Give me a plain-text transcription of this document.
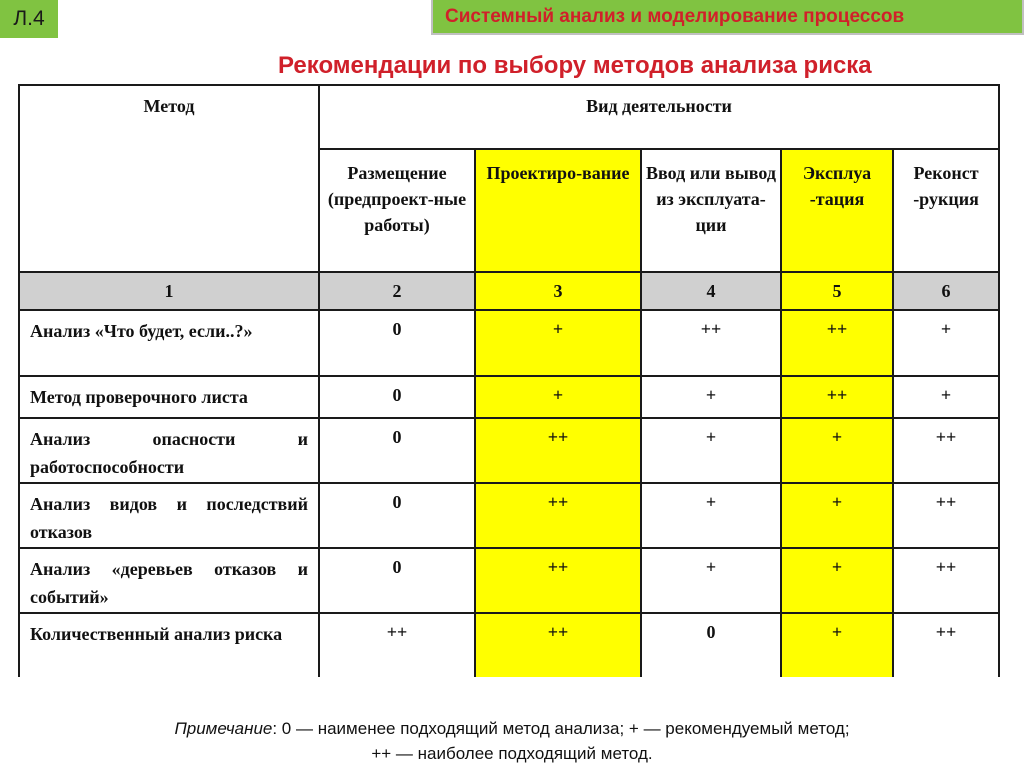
Л.4	Системный анализ и моделирование процессов
Рекомендации по выбору методов анализа риска
Метод	Вид деятельности				
	Размещение (предпроект-ные работы)	Проектиро-вание	Ввод или вывод из эксплуата-ции	Эксплуа -тация	Реконст -рукция
1	2	3	4	5	6
Анализ «Что будет, если..?»	0	+	++	++	+
Метод проверочного листа	0	+	+	++	+
Анализ опасности и работоспособности	0	++	+	+	++
Анализ видов и последствий отказов	0	++	+	+	++
Анализ «деревьев отказов и событий»	0	++	+	+	++
Количественный анализ риска	++	++	0	+	++
Примечание: 0 — наименее подходящий метод анализа; + — рекомендуемый метод;
++ — наиболее подходящий метод.
